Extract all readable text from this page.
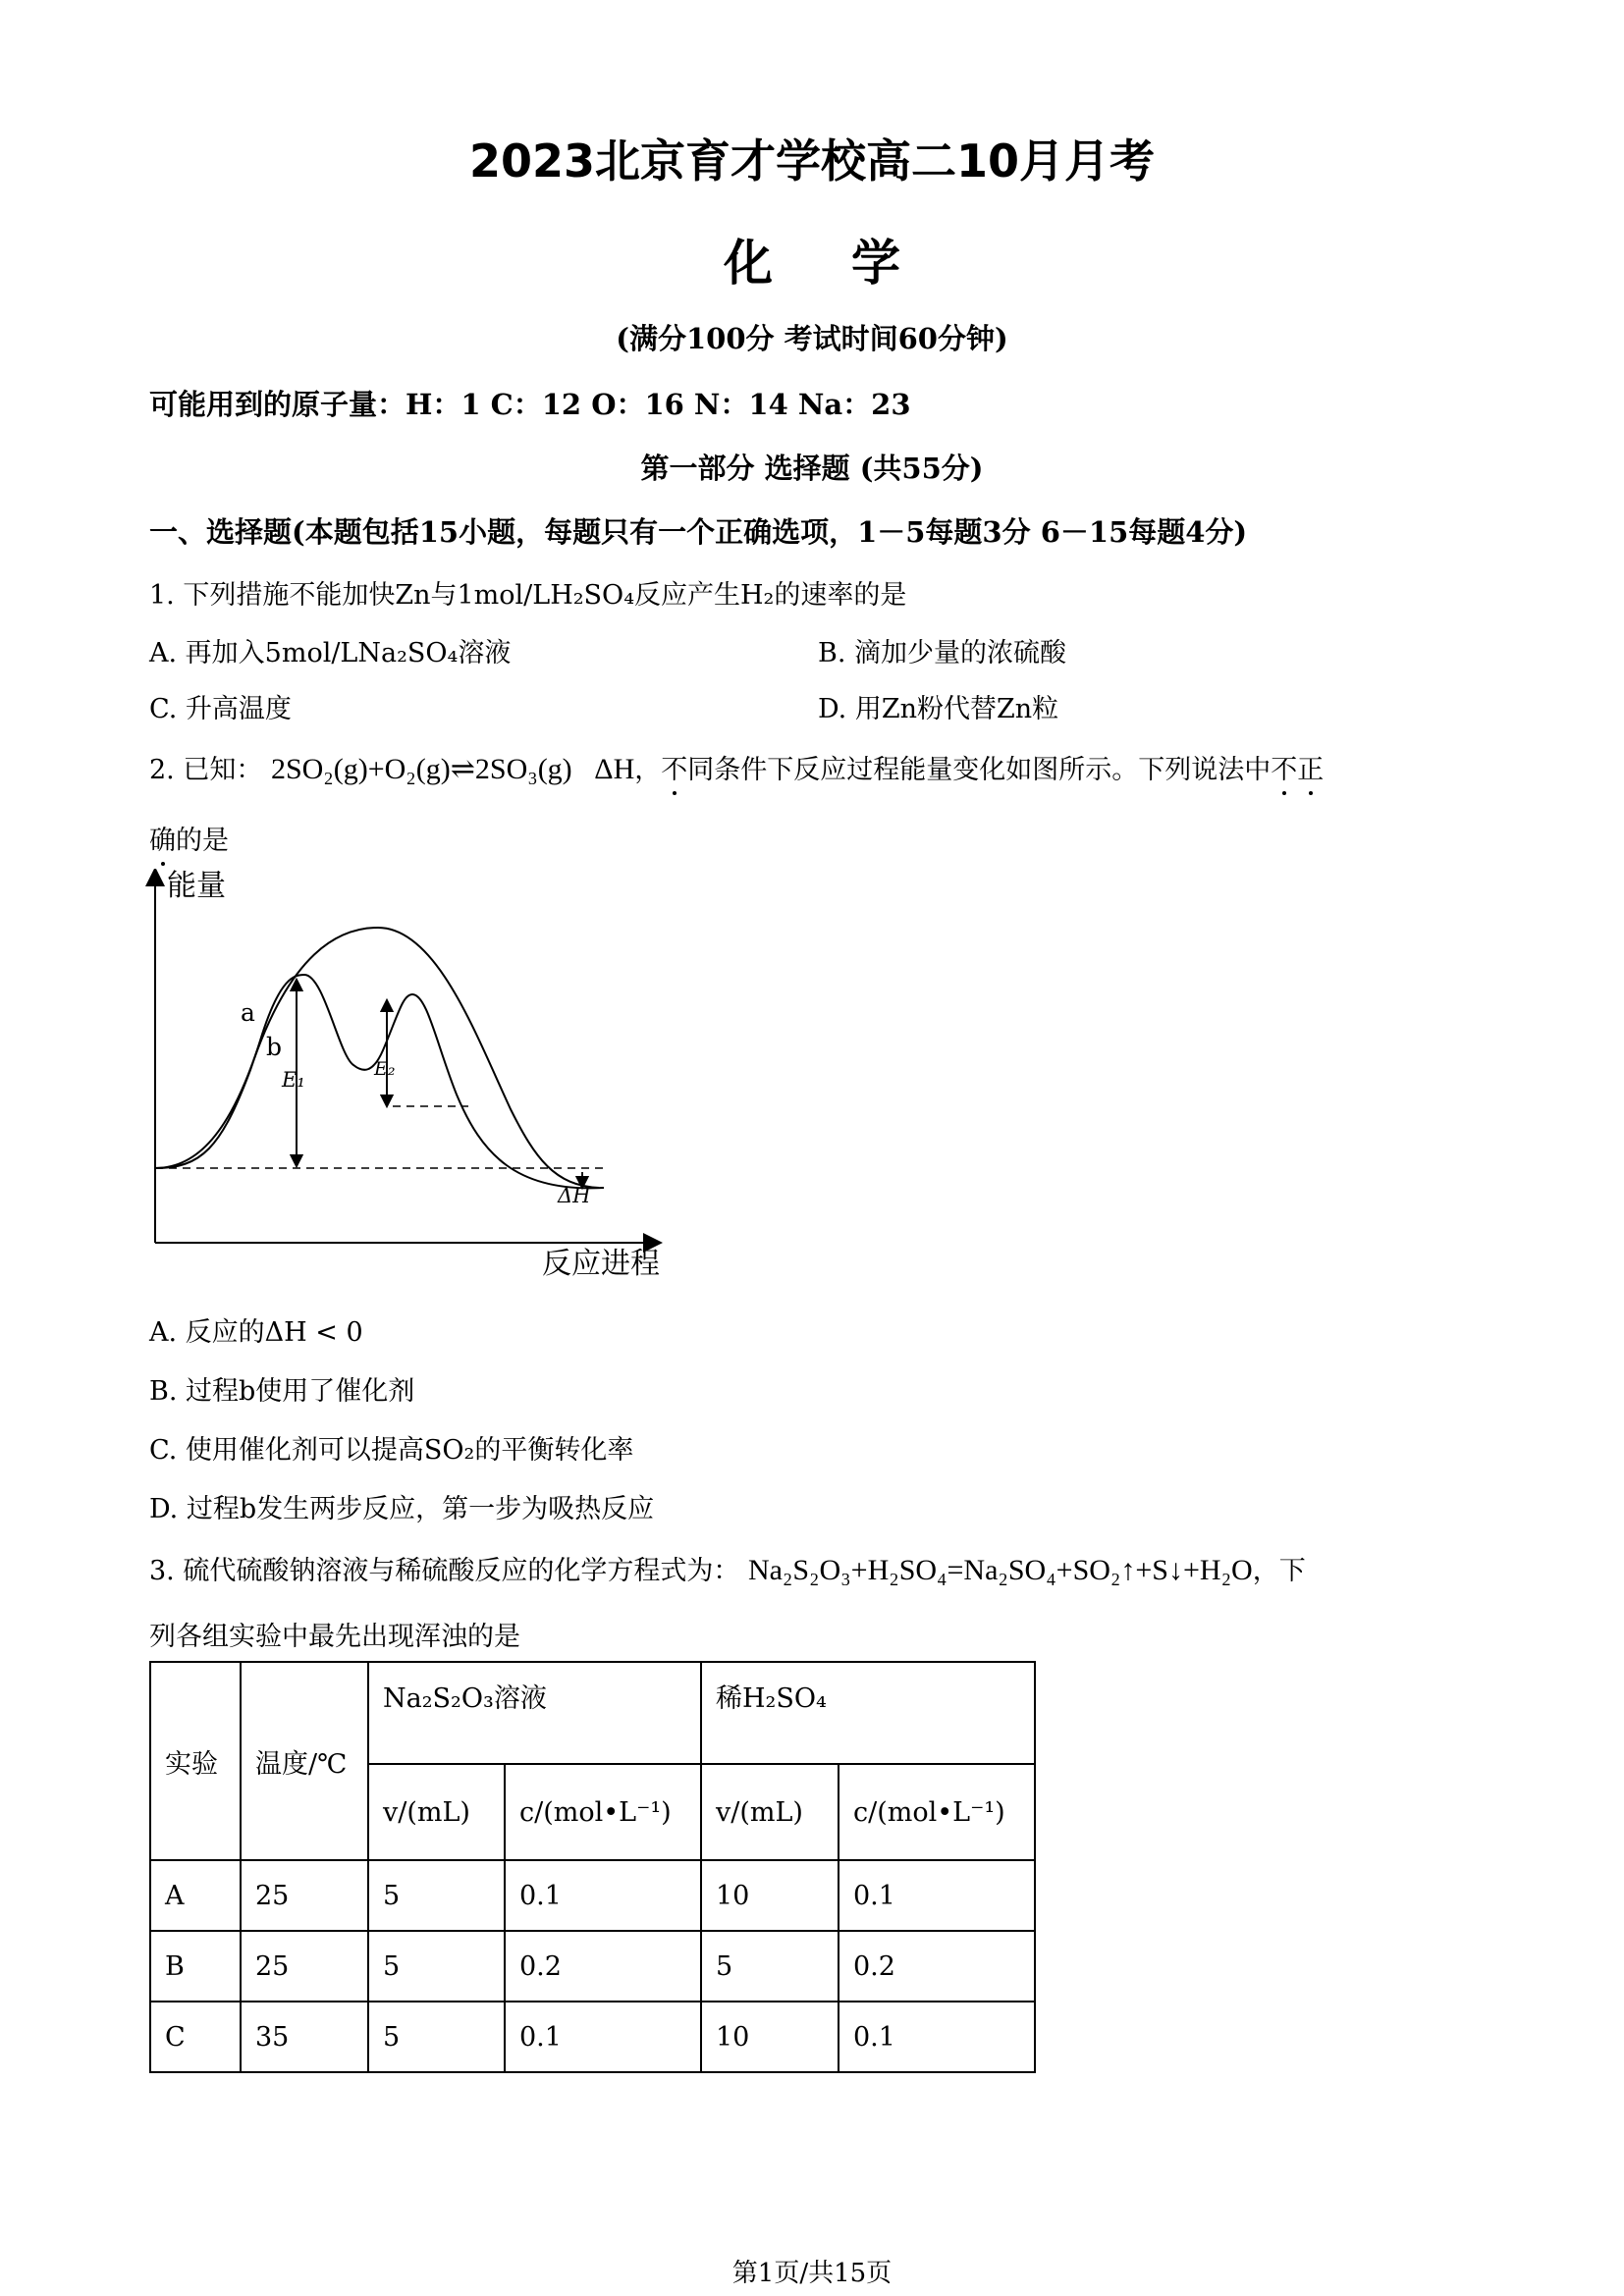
2023北京育才学校高二10月月考
化学
(满分100分 考试时间60分钟)
可能用到的原子量：H：1 C：12 O：16 N：14 Na：23
第一部分 选择题 (共55分)
一、选择题(本题包括15小题，每题只有一个正确选项，1－5每题3分 6－15每题4分)
1. 下列措施不能加快Zn与1mol/LH₂SO₄反应产生H₂的速率的是
A. 再加入5mol/LNa₂SO₄溶液	B. 滴加少量的浓硫酸
C. 升高温度	D. 用Zn粉代替Zn粒
2. 已知： 2SO₂(g)+O₂(g)⇌2SO₃(g) ΔH，不同条件下反应过程能量变化如图所示。下列说法中不正
确的是
能量
反应进程
a
b
E₁	E₂
ΔH
A. 反应的ΔH < 0
B. 过程b使用了催化剂
C. 使用催化剂可以提高SO₂的平衡转化率
D. 过程b发生两步反应，第一步为吸热反应
3. 硫代硫酸钠溶液与稀硫酸反应的化学方程式为： Na₂S₂O₃+H₂SO₄=Na₂SO₄+SO₂↑+S↓+H₂O，下
列各组实验中最先出现浑浊的是
实验	温度/℃	Na₂S₂O₃溶液		稀H₂SO₄	
		v/(mL)	c/(mol•L⁻¹)	v/(mL)	c/(mol•L⁻¹)
A	25	5	0.1	10	0.1
B	25	5	0.2	5	0.2
C	35	5	0.1	10	0.1
第1页/共15页
